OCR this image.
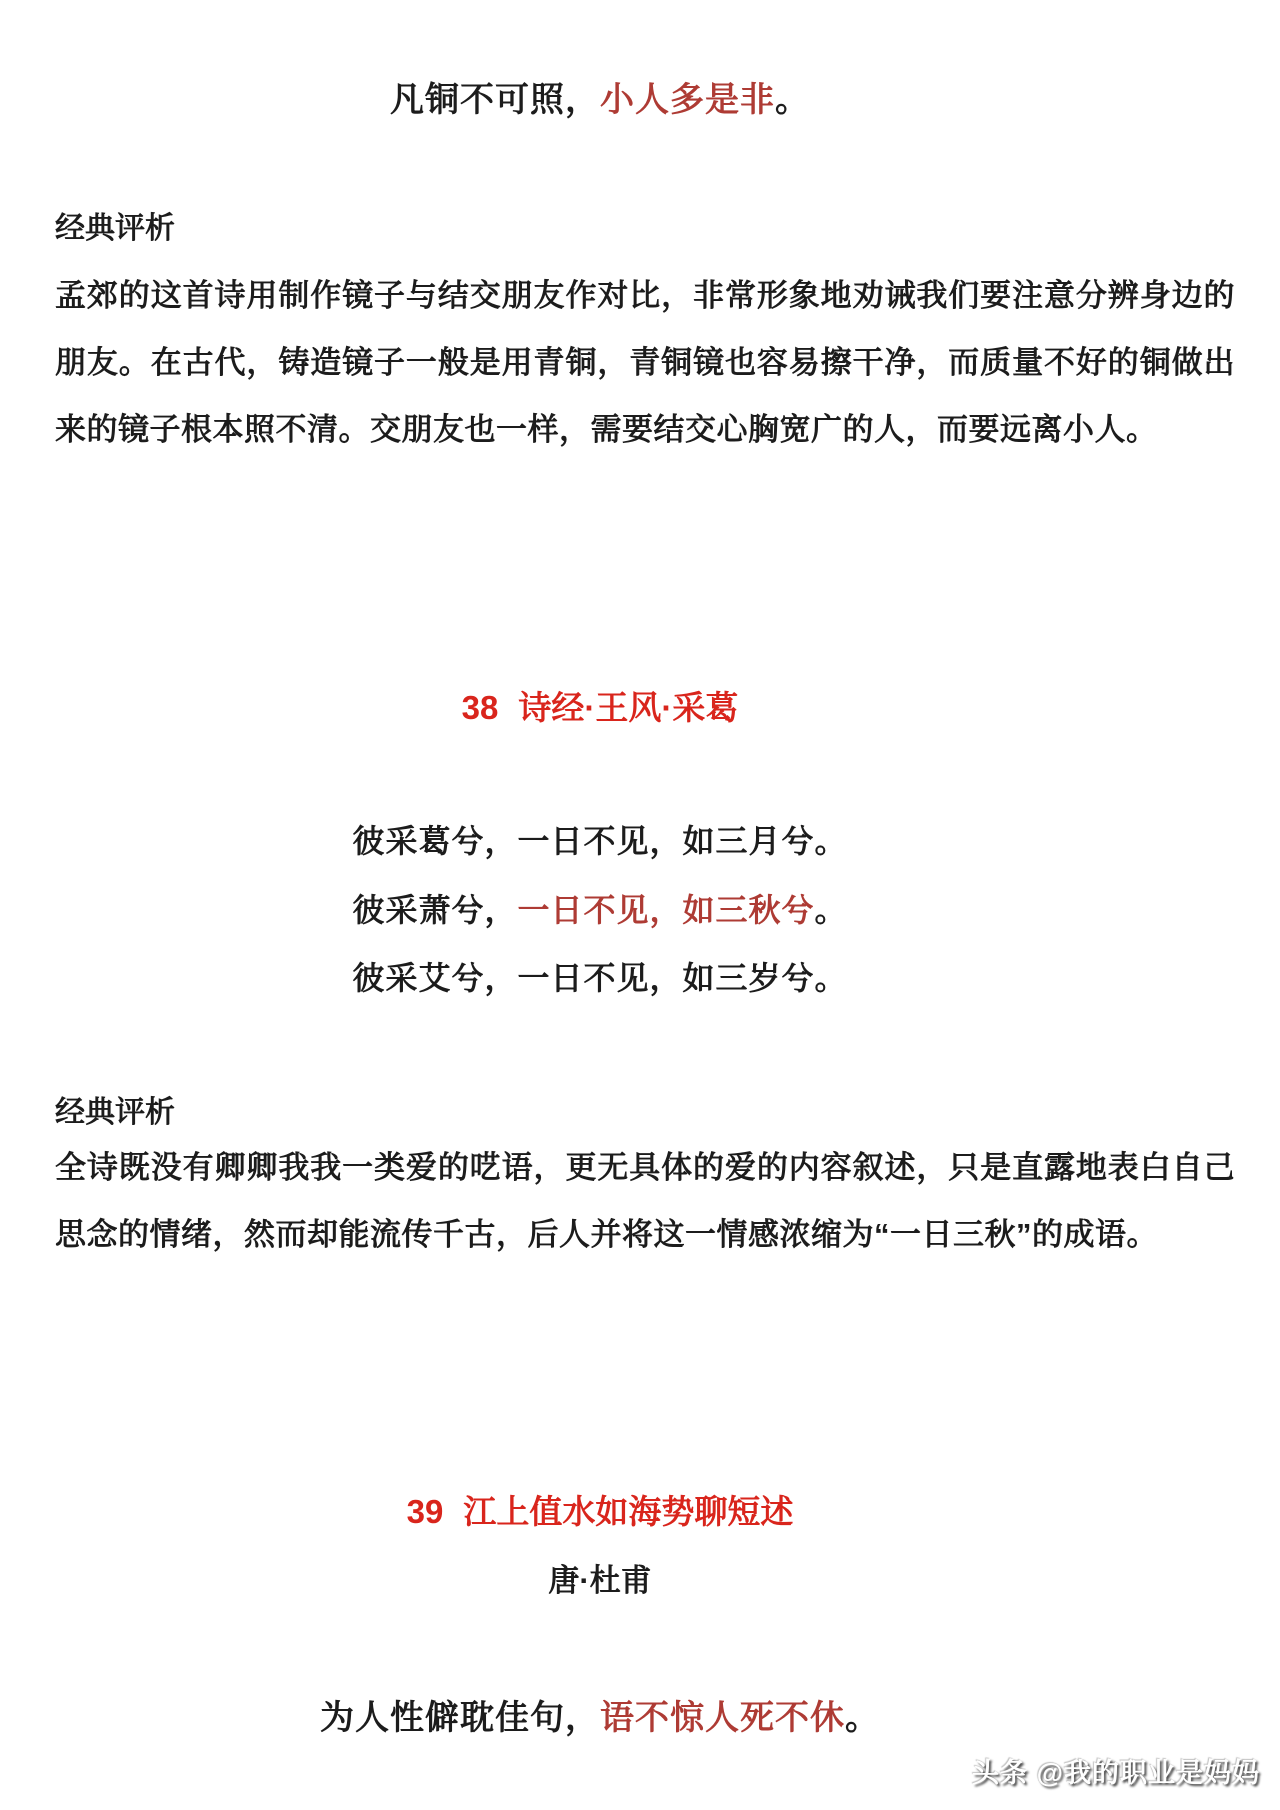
凡铜不可照，小人多是非。
经典评析
孟郊的这首诗用制作镜子与结交朋友作对比，非常形象地劝诫我们要注意分辨身边的朋友。在古代，铸造镜子一般是用青铜，青铜镜也容易擦干净，而质量不好的铜做出来的镜子根本照不清。交朋友也一样，需要结交心胸宽广的人，而要远离小人。
38 诗经·王风·采葛
彼采葛兮，一日不见，如三月兮。
彼采萧兮，一日不见，如三秋兮。
彼采艾兮，一日不见，如三岁兮。
经典评析
全诗既没有卿卿我我一类爱的呓语，更无具体的爱的内容叙述，只是直露地表白自己思念的情绪，然而却能流传千古，后人并将这一情感浓缩为“一日三秋”的成语。
39 江上值水如海势聊短述
唐·杜甫
为人性僻耽佳句，语不惊人死不休。
头条 @我的职业是妈妈
